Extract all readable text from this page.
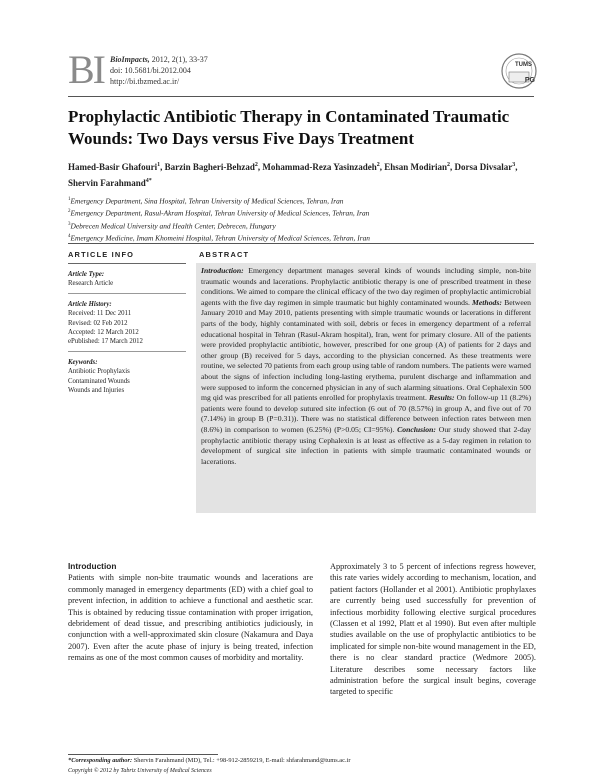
BI BioImpacts, 2012, 2(1), 33-37
doi: 10.5681/bi.2012.004
http://bi.tbzmed.ac.ir/
TUMS
PG
Prophylactic Antibiotic Therapy in Contaminated Traumatic Wounds: Two Days versus Five Days Treatment
Hamed-Basir Ghafouri$^1$, Barzin Bagheri-Behzad$^2$, Mohammad-Reza Yasinzadeh$^2$, Ehsan Modirian$^2$, Dorsa Divsalar$^3$, Shervin Farahmand$^{4*}$
$^1$Emergency Department, Sina Hospital, Tehran University of Medical Sciences, Tehran, Iran
$^2$Emergency Department, Rasul-Akram Hospital, Tehran University of Medical Sciences, Tehran, Iran
$^3$Debrecen Medical University and Health Center, Debrecen, Hungary
$^4$Emergency Medicine, Imam Khomeini Hospital, Tehran University of Medical Sciences, Tehran, Iran
ARTICLE INFO
Article Type:
Research Article
Article History:
Received: 11 Dec 2011
Revised: 02 Feb 2012
Accepted: 12 March 2012
ePublished: 17 March 2012
Keywords:
Antibiotic Prophylaxis
Contaminated Wounds
Wounds and Injuries
ABSTRACT

Introduction: Emergency department manages several kinds of wounds including simple, non-bite traumatic wounds and lacerations. Prophylactic antibiotic therapy is one of prescribed treatment in these conditions. We aimed to compare the clinical efficacy of the two day regimen of prophylactic antimicrobial agents with the five day regimen in simple traumatic but highly contaminated wounds. Methods: Between January 2010 and May 2010, patients presenting with simple traumatic wounds or lacerations in different parts of the body, highly contaminated with soil, debris or feces in emergency department of a referral educational hospital in Tehran (Rasul-Akram hospital), Iran, went for primary closure. All of the patients were provided prophylactic antibiotic, however, prescribed for one group (A) of patients for 2 days and other group (B) received for 5 days, according to the physician concerned. As these treatments were routine, we selected 70 patients from each group using table of random numbers. The patients were warned about the signs of infection including long-lasting erythema, purulent discharge and inflammation and were supposed to inform the concerned physician in any of such alarming situations. Oral Cephalexin 500 mg qid was prescribed for all patients enrolled for prophylaxis treatment. Results: On follow-up 11 (8.2%) patients were found to develop sutured site infection (6 out of 70 (8.57%) in group A, and five out of 70 (7.14%) in group B (P=0.31)). There was no statistical difference between infection rates between men (8.6%) in comparison to women (6.25%) (P>0.05; CI=95%). Conclusion: Our study showed that 2-day prophylactic antibiotic therapy using Cephalexin is at least as effective as a 5-day regimen in relation to development of surgical site infection in patients with simple traumatic contaminated wounds or lacerations.

Introduction
Patients with simple non-bite traumatic wounds and lacerations are commonly managed in emergency departments (ED) with a chief goal to prevent infection, in addition to achieve a functional and aesthetic scar. This is obtained by reducing tissue contamination with proper irrigation, debridement of dead tissue, and prescribing antibiotics judiciously, in conjunction with a well-approximated skin closure (Nakamura and Daya 2007). Even after the acute phase of injury is being treated, infection remains as one of the most common causes of morbidity and mortality.
Approximately 3 to 5 percent of infections regress however, this rate varies widely according to mechanism, location, and patient factors (Hollander et al 2001). Antibiotic prophylaxes are currently being used successfully for prevention of infectious morbidity following elective surgical procedures (Classen et al 1992, Platt et al 1990). But even after multiple studies available on the use of prophylactic antibiotics to be implicated for simple non-bite wound management in the ED, there is no clear standard practice (Wedmore 2005). Literature describes some necessary factors like administration before the surgical insult begins, coverage targeted to specific
*Corresponding author: Shervin Farahmand (MD), Tel.: +98-912-2859219, E-mail: shfarahmand@tums.ac.ir
Copyright © 2012 by Tabriz University of Medical Sciences
